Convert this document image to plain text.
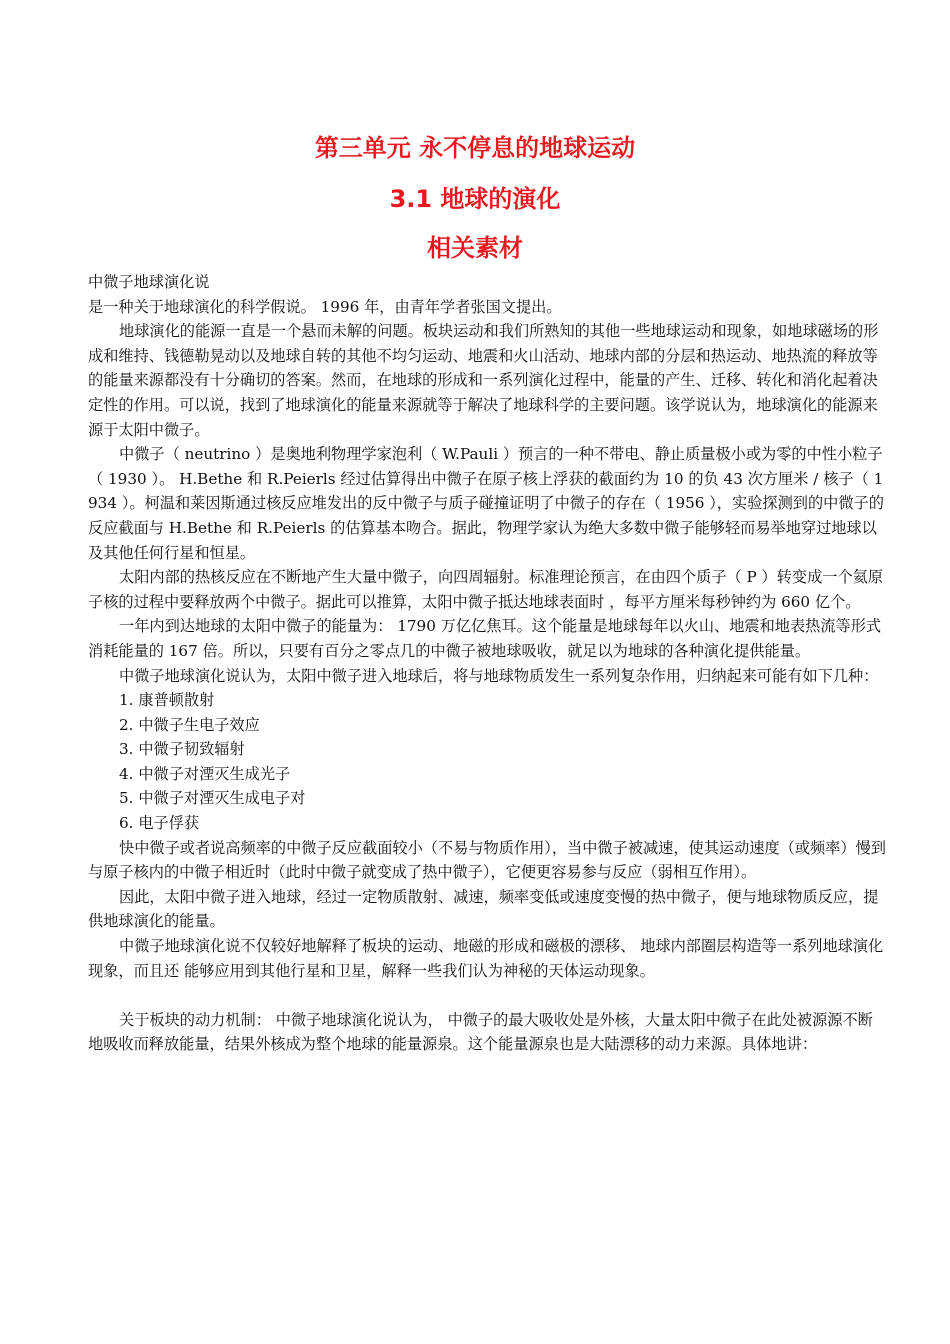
第三单元 永不停息的地球运动
3.1 地球的演化
相关素材

中微子地球演化说

是一种关于地球演化的科学假说。 1996 年，由青年学者张国文提出。

地球演化的能源一直是一个悬而未解的问题。板块运动和我们所熟知的其他一些地球运动和现象，如地球磁场的形成和维持、钱德勒晃动以及地球自转的其他不均匀运动、地震和火山活动、地球内部的分层和热运动、地热流的释放等的能量来源都没有十分确切的答案。然而，在地球的形成和一系列演化过程中，能量的产生、迁移、转化和消化起着决定性的作用。可以说，找到了地球演化的能量来源就等于解决了地球科学的主要问题。该学说认为，地球演化的能源来源于太阳中微子。

中微子（ neutrino ）是奥地利物理学家泡利（ W.Pauli ）预言的一种不带电、静止质量极小或为零的中性小粒子（ 1930 ）。 H.Bethe 和 R.Peierls 经过估算得出中微子在原子核上浮获的截面约为 10 的负 43 次方厘米 / 核子（ 1934 ）。柯温和莱因斯通过核反应堆发出的反中微子与质子碰撞证明了中微子的存在（ 1956 ），实验探测到的中微子的反应截面与 H.Bethe 和 R.Peierls 的估算基本吻合。据此，物理学家认为绝大多数中微子能够轻而易举地穿过地球以及其他任何行星和恒星。

太阳内部的热核反应在不断地产生大量中微子，向四周辐射。标准理论预言，在由四个质子（ P ）转变成一个氦原子核的过程中要释放两个中微子。据此可以推算，太阳中微子抵达地球表面时 ，每平方厘米每秒钟约为 660 亿个。

一年内到达地球的太阳中微子的能量为： 1790 万亿亿焦耳。这个能量是地球每年以火山、地震和地表热流等形式消耗能量的 167 倍。所以，只要有百分之零点几的中微子被地球吸收，就足以为地球的各种演化提供能量。

中微子地球演化说认为，太阳中微子进入地球后，将与地球物质发生一系列复杂作用，归纳起来可能有如下几种：

1. 康普顿散射

2. 中微子生电子效应

3. 中微子韧致辐射

4. 中微子对湮灭生成光子

5. 中微子对湮灭生成电子对

6. 电子俘获

快中微子或者说高频率的中微子反应截面较小（不易与物质作用），当中微子被减速，使其运动速度（或频率）慢到与原子核内的中微子相近时（此时中微子就变成了热中微子），它便更容易参与反应（弱相互作用）。

因此，太阳中微子进入地球，经过一定物质散射、减速，频率变低或速度变慢的热中微子，便与地球物质反应，提供地球演化的能量。

中微子地球演化说不仅较好地解释了板块的运动、地磁的形成和磁极的漂移、 地球内部圈层构造等一系列地球演化现象，而且还 能够应用到其他行星和卫星，解释一些我们认为神秘的天体运动现象。

关于板块的动力机制： 中微子地球演化说认为， 中微子的最大吸收处是外核，大量太阳中微子在此处被源源不断地吸收而释放能量，结果外核成为整个地球的能量源泉。这个能量源泉也是大陆漂移的动力来源。具体地讲：
